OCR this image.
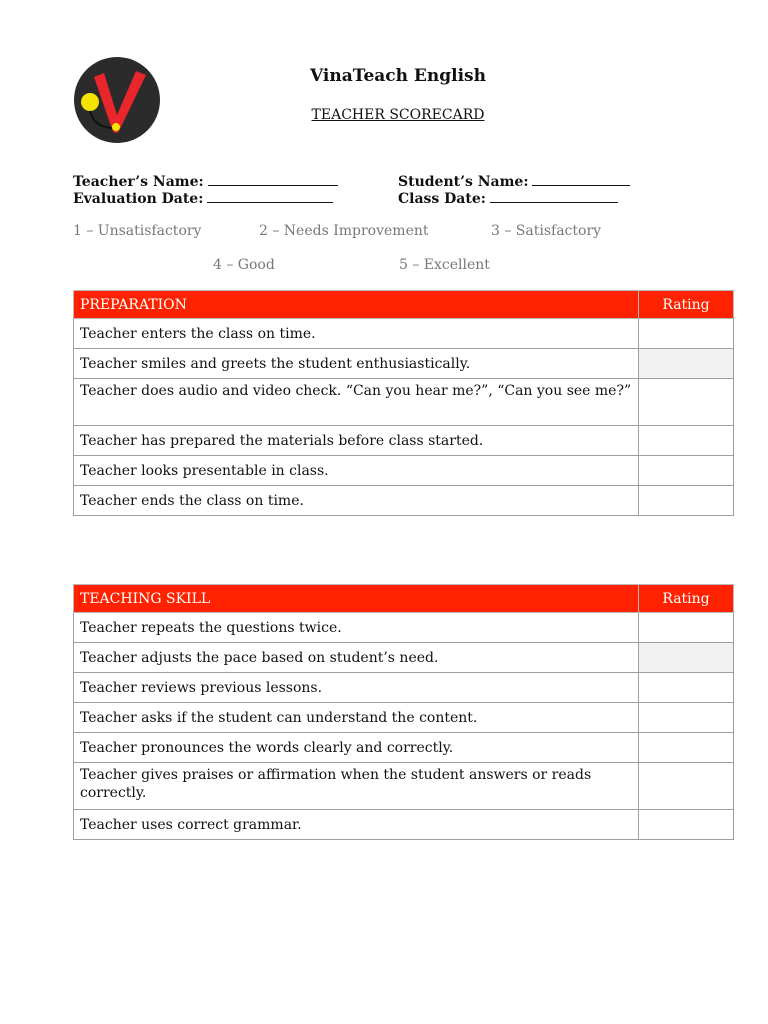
VinaTeach English
TEACHER SCORECARD
Teacher’s Name:	Student’s Name:
Evaluation Date:	Class Date:
1 – Unsatisfactory	2 – Needs Improvement	3 – Satisfactory
4 – Good	5 – Excellent
PREPARATION	Rating
Teacher enters the class on time.	
Teacher smiles and greets the student enthusiastically.	
Teacher does audio and video check. “Can you hear me?”, “Can you see me?”	
Teacher has prepared the materials before class started.	
Teacher looks presentable in class.	
Teacher ends the class on time.	
TEACHING SKILL	Rating
Teacher repeats the questions twice.	
Teacher adjusts the pace based on student’s need.	
Teacher reviews previous lessons.	
Teacher asks if the student can understand the content.	
Teacher pronounces the words clearly and correctly.	
Teacher gives praises or affirmation when the student answers or reads correctly.	
Teacher uses correct grammar.	
